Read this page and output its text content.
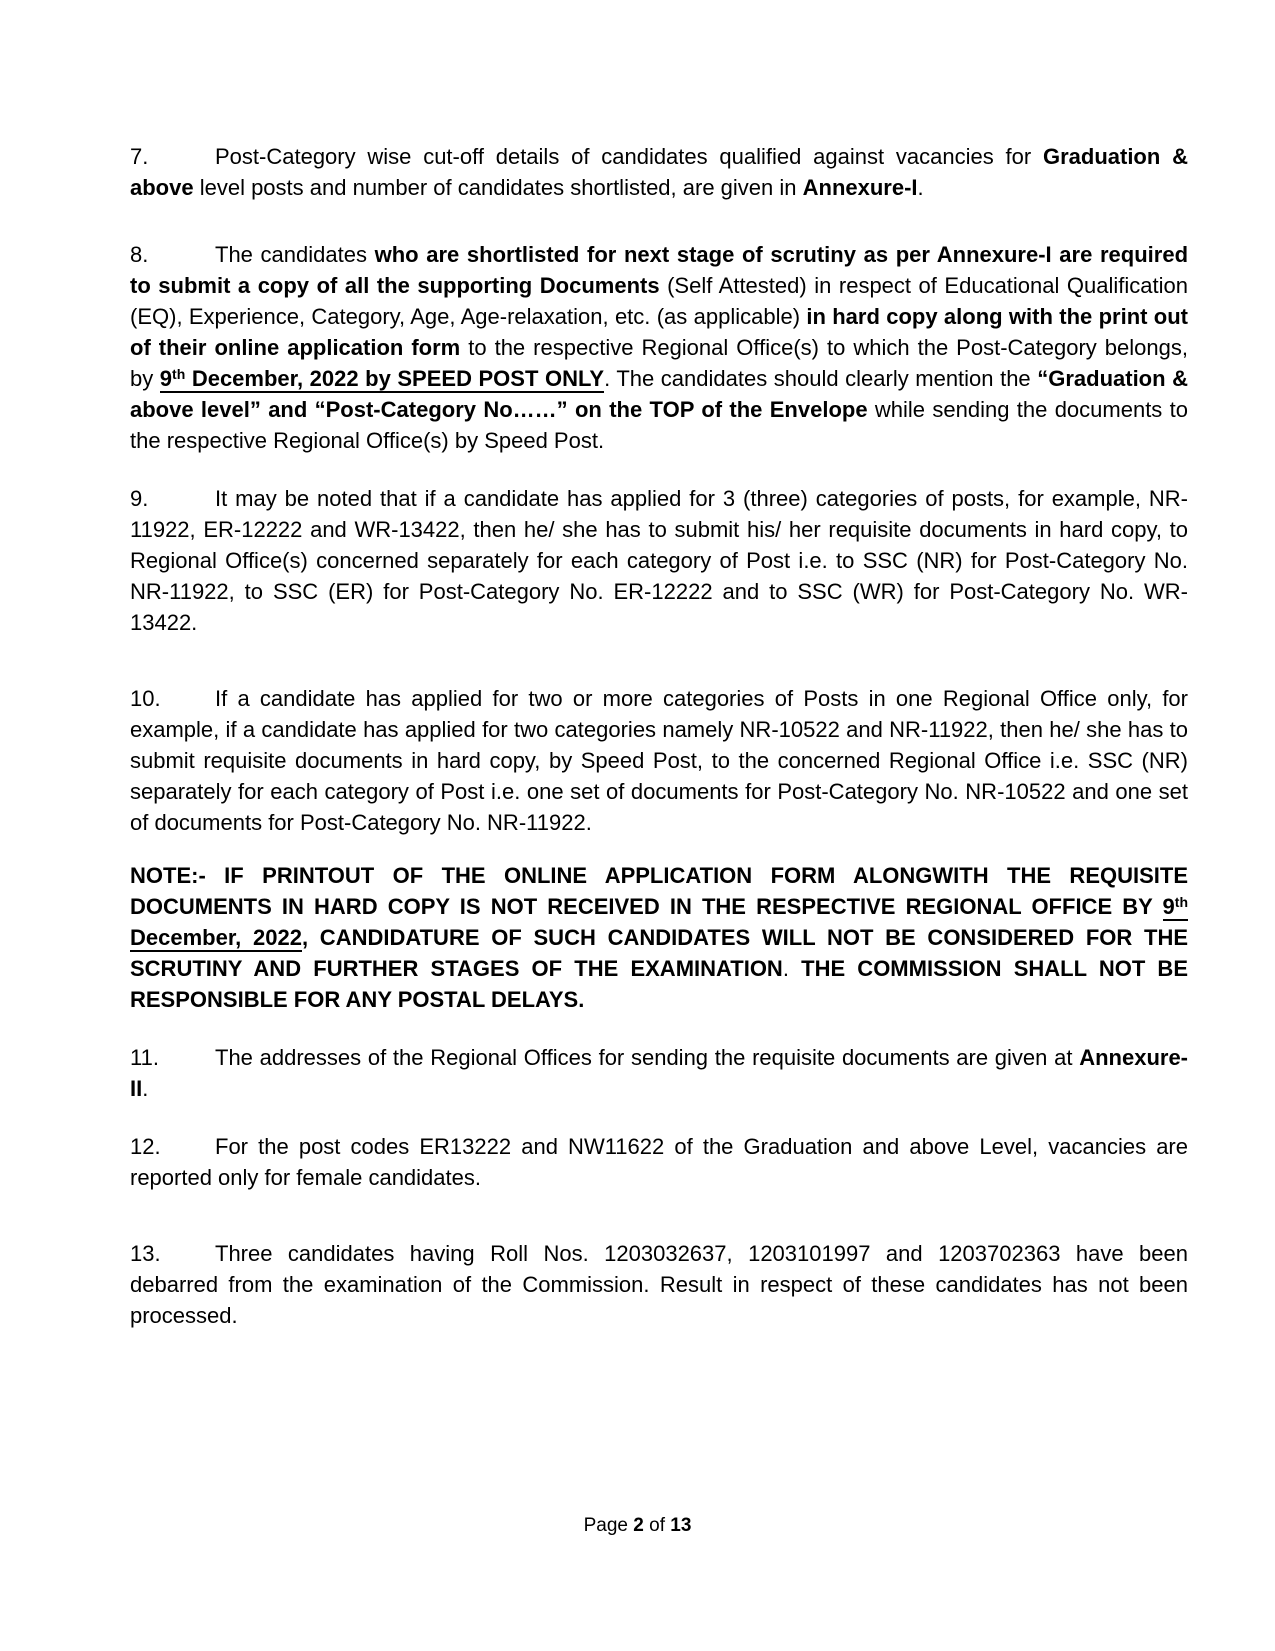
7.	Post-Category wise cut-off details of candidates qualified against vacancies for Graduation & above level posts and number of candidates shortlisted, are given in Annexure-I.
8.	The candidates who are shortlisted for next stage of scrutiny as per Annexure-I are required to submit a copy of all the supporting Documents (Self Attested) in respect of Educational Qualification (EQ), Experience, Category, Age, Age-relaxation, etc. (as applicable) in hard copy along with the print out of their online application form to the respective Regional Office(s) to which the Post-Category belongs, by 9th December, 2022 by SPEED POST ONLY. The candidates should clearly mention the “Graduation & above level” and “Post-Category No……” on the TOP of the Envelope while sending the documents to the respective Regional Office(s) by Speed Post.
9.	It may be noted that if a candidate has applied for 3 (three) categories of posts, for example, NR-11922, ER-12222 and WR-13422, then he/ she has to submit his/ her requisite documents in hard copy, to Regional Office(s) concerned separately for each category of Post i.e. to SSC (NR) for Post-Category No. NR-11922, to SSC (ER) for Post-Category No. ER-12222 and to SSC (WR) for Post-Category No. WR-13422.
10. If a candidate has applied for two or more categories of Posts in one Regional Office only, for example, if a candidate has applied for two categories namely NR-10522 and NR-11922, then he/ she has to submit requisite documents in hard copy, by Speed Post, to the concerned Regional Office i.e. SSC (NR) separately for each category of Post i.e. one set of documents for Post-Category No. NR-10522 and one set of documents for Post-Category No. NR-11922.
NOTE:- IF PRINTOUT OF THE ONLINE APPLICATION FORM ALONGWITH THE REQUISITE DOCUMENTS IN HARD COPY IS NOT RECEIVED IN THE RESPECTIVE REGIONAL OFFICE BY 9th December, 2022, CANDIDATURE OF SUCH CANDIDATES WILL NOT BE CONSIDERED FOR THE SCRUTINY AND FURTHER STAGES OF THE EXAMINATION. THE COMMISSION SHALL NOT BE RESPONSIBLE FOR ANY POSTAL DELAYS.
11.	The addresses of the Regional Offices for sending the requisite documents are given at Annexure-II.
12. For the post codes ER13222 and NW11622 of the Graduation and above Level, vacancies are reported only for female candidates.
13. Three candidates having Roll Nos. 1203032637, 1203101997 and 1203702363 have been debarred from the examination of the Commission. Result in respect of these candidates has not been processed.
Page 2 of 13
